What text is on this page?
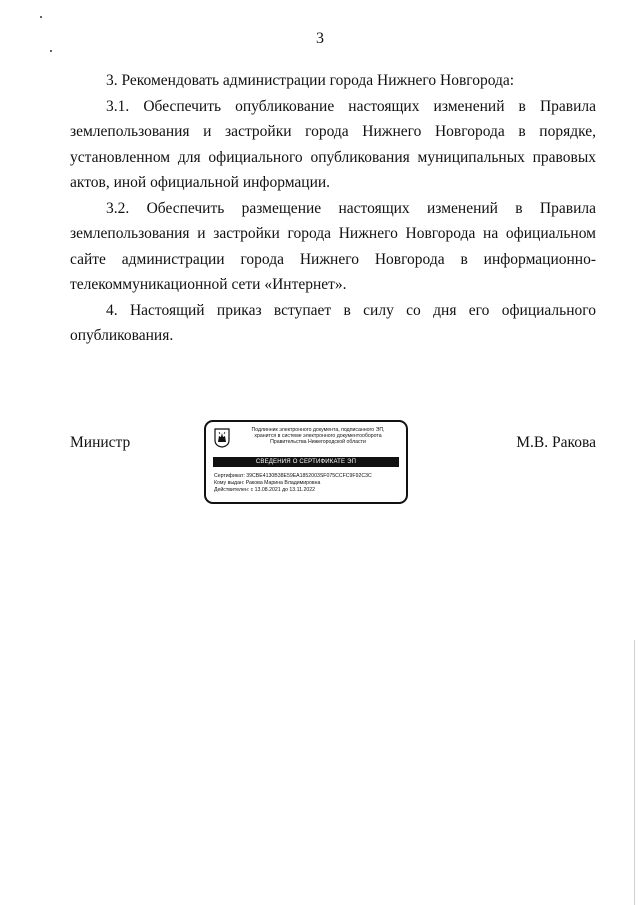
3

3. Рекомендовать администрации города Нижнего Новгорода:

3.1. Обеспечить опубликование настоящих изменений в Правила землепользования и застройки города Нижнего Новгорода в порядке, установленном для официального опубликования муниципальных правовых актов, иной официальной информации.

3.2. Обеспечить размещение настоящих изменений в Правила землепользования и застройки города Нижнего Новгорода на официальном сайте администрации города Нижнего Новгорода в информационно-телекоммуникационной сети «Интернет».

4. Настоящий приказ вступает в силу со дня его официального опубликования.

Министр
Подлинник электронного документа, подписанного ЭП,
хранится в системе электронного документооборота
Правительства Нижегородской области
СВЕДЕНИЯ О СЕРТИФИКАТЕ ЭП
Сертификат: 39CBE4130B38E59EA1852003SF075CCFC9F92C3C
Кому выдан: Ракова Марина Владимировна
Действителен: с 13.08.2021 до 13.11.2022
М.В. Ракова
